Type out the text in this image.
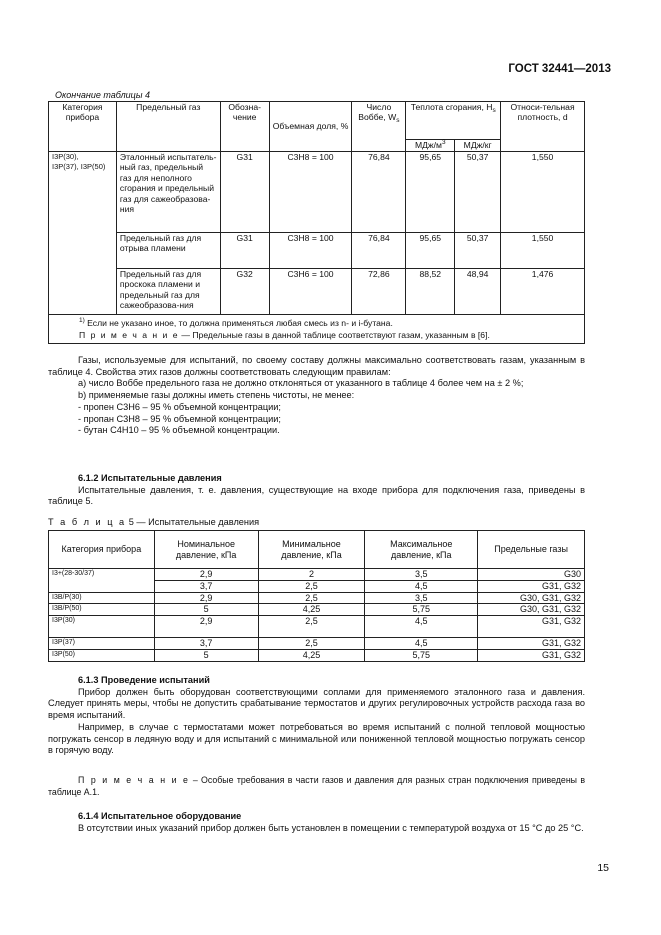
ГОСТ 32441—2013
Окончание таблицы 4
Категория прибора	Предельный газ	Обозна-чение	Объемная доля, %	Число Воббе, $W_s$	Теплота сгорания, $H_s$		Относи-тельная плотность, d
					МДж/$м^3$	МДж/кг	

I3P(30),
I3P(37), I3P(50)	Эталонный испытатель-ный газ, предельный газ для неполного сгорания и предельный газ для сажеобразова-ния	G31	C3H8 = 100	76,84	95,65	50,37	1,550
	Предельный газ для отрыва пламени	G31	C3H8 = 100	76,84	95,65	50,37	1,550
	Предельный газ для проскока пламени и предельный газ для сажеобразова-ния	G32	C3H6 = 100	72,86	88,52	48,94	1,476

$^{1)}$ Если не указано иное, то должна применяться любая смесь из n- и i-бутана.
П р и м е ч а н и е — Предельные газы в данной таблице соответствуют газам, указанным в [6].							

Газы, используемые для испытаний, по своему составу должны максимально соответствовать газам, указанным в таблице 4. Свойства этих газов должны соответствовать следующим правилам:

а) число Воббе предельного газа не должно отклоняться от указанного в таблице 4 более чем на ± 2 %;

b) применяемые газы должны иметь степень чистоты, не менее:

- пропен C3H6 – 95 % объемной концентрации;

- пропан C3H8 – 95 % объемной концентрации;

- бутан C4H10 – 95 % объемной концентрации.

6.1.2 Испытательные давления

Испытательные давления, т. е. давления, существующие на входе прибора для подключения газа, приведены в таблице 5.

Т а б л и ц а 5 — Испытательные давления
Категория прибора	Номинальное давление, кПа	Минимальное давление, кПа	Максимальное давление, кПа	Предельные газы
I3+(28-30/37)	2,9	2	3,5	G30
	3,7	2,5	4,5	G31, G32
I3B/P(30)	2,9	2,5	3,5	G30, G31, G32
I3B/P(50)	5	4,25	5,75	G30, G31, G32
I3P(30)	2,9	2,5	4,5	G31, G32
I3P(37)	3,7	2,5	4,5	G31, G32
I3P(50)	5	4,25	5,75	G31, G32

6.1.3 Проведение испытаний

Прибор должен быть оборудован соответствующими соплами для применяемого эталонного газа и давления. Следует принять меры, чтобы не допустить срабатывание термостатов и других регулировочных устройств расхода газа во время испытаний.

Например, в случае с термостатами может потребоваться во время испытаний с полной тепловой мощностью погружать сенсор в ледяную воду и для испытаний с минимальной или пониженной тепловой мощностью погружать сенсор в горячую воду.

П р и м е ч а н и е – Особые требования в части газов и давления для разных стран подключения приведены в таблице А.1.

6.1.4 Испытательное оборудование

В отсутствии иных указаний прибор должен быть установлен в помещении с температурой воздуха от 15 °С до 25 °С.

15
